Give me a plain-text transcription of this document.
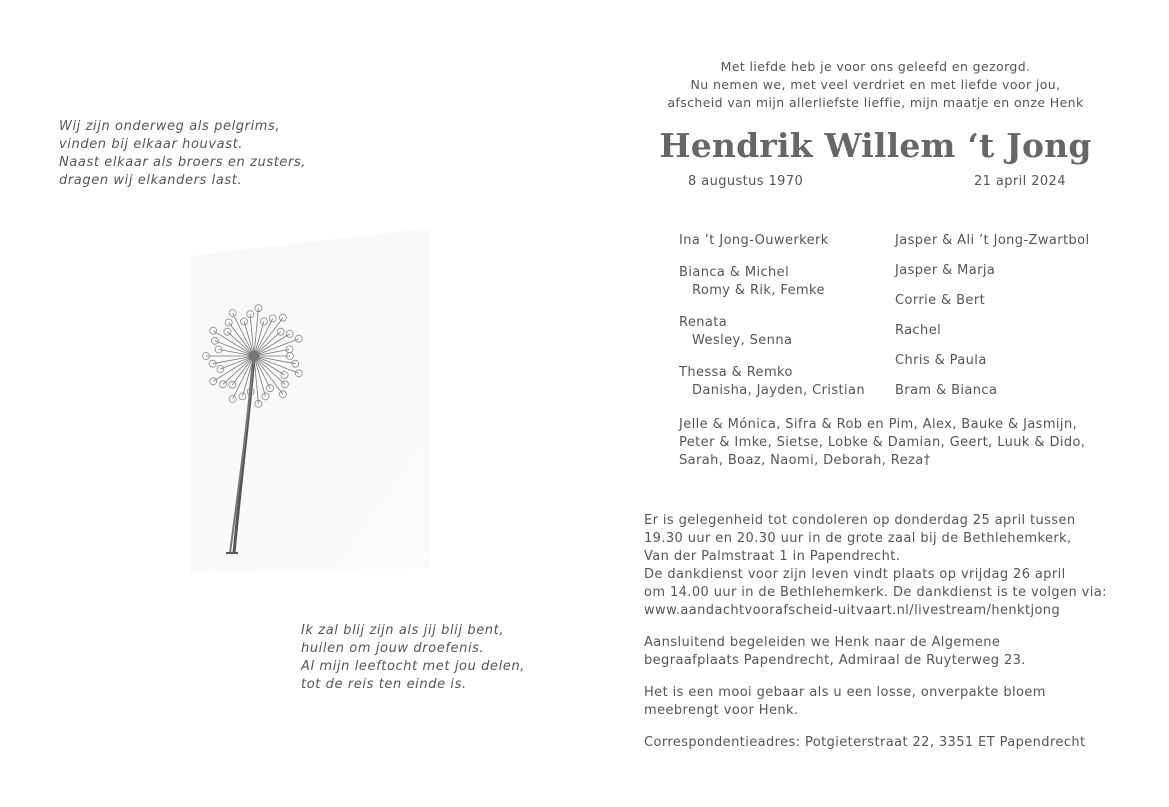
Wij zijn onderweg als pelgrims,
vinden bij elkaar houvast.
Naast elkaar als broers en zusters,
dragen wij elkanders last.
Ik zal blij zijn als jij blij bent,
huilen om jouw droefenis.
Al mijn leeftocht met jou delen,
tot de reis ten einde is.
Met liefde heb je voor ons geleefd en gezorgd.
Nu nemen we, met veel verdriet en met liefde voor jou,
afscheid van mijn allerliefste lieffie, mijn maatje en onze Henk
Hendrik Willem ‘t Jong
8 augustus 1970	21 april 2024
Ina ’t Jong-Ouwerkerk
Bianca & Michel
Romy & Rik, Femke
Renata
Wesley, Senna
Thessa & Remko
Danisha, Jayden, Cristian
Jasper & Ali ’t Jong-Zwartbol
Jasper & Marja
Corrie & Bert
Rachel
Chris & Paula
Bram & Bianca
Jelle & Mónica, Sifra & Rob en Pim, Alex, Bauke & Jasmijn,
Peter & Imke, Sietse, Lobke & Damian, Geert, Luuk & Dido,
Sarah, Boaz, Naomi, Deborah, Reza†
Er is gelegenheid tot condoleren op donderdag 25 april tussen
19.30 uur en 20.30 uur in de grote zaal bij de Bethlehemkerk,
Van der Palmstraat 1 in Papendrecht.
De dankdienst voor zijn leven vindt plaats op vrijdag 26 april
om 14.00 uur in de Bethlehemkerk. De dankdienst is te volgen via:
www.aandachtvoorafscheid-uitvaart.nl/livestream/henktjong
Aansluitend begeleiden we Henk naar de Algemene
begraafplaats Papendrecht, Admiraal de Ruyterweg 23.
Het is een mooi gebaar als u een losse, onverpakte bloem
meebrengt voor Henk.
Correspondentieadres: Potgieterstraat 22, 3351 ET Papendrecht
